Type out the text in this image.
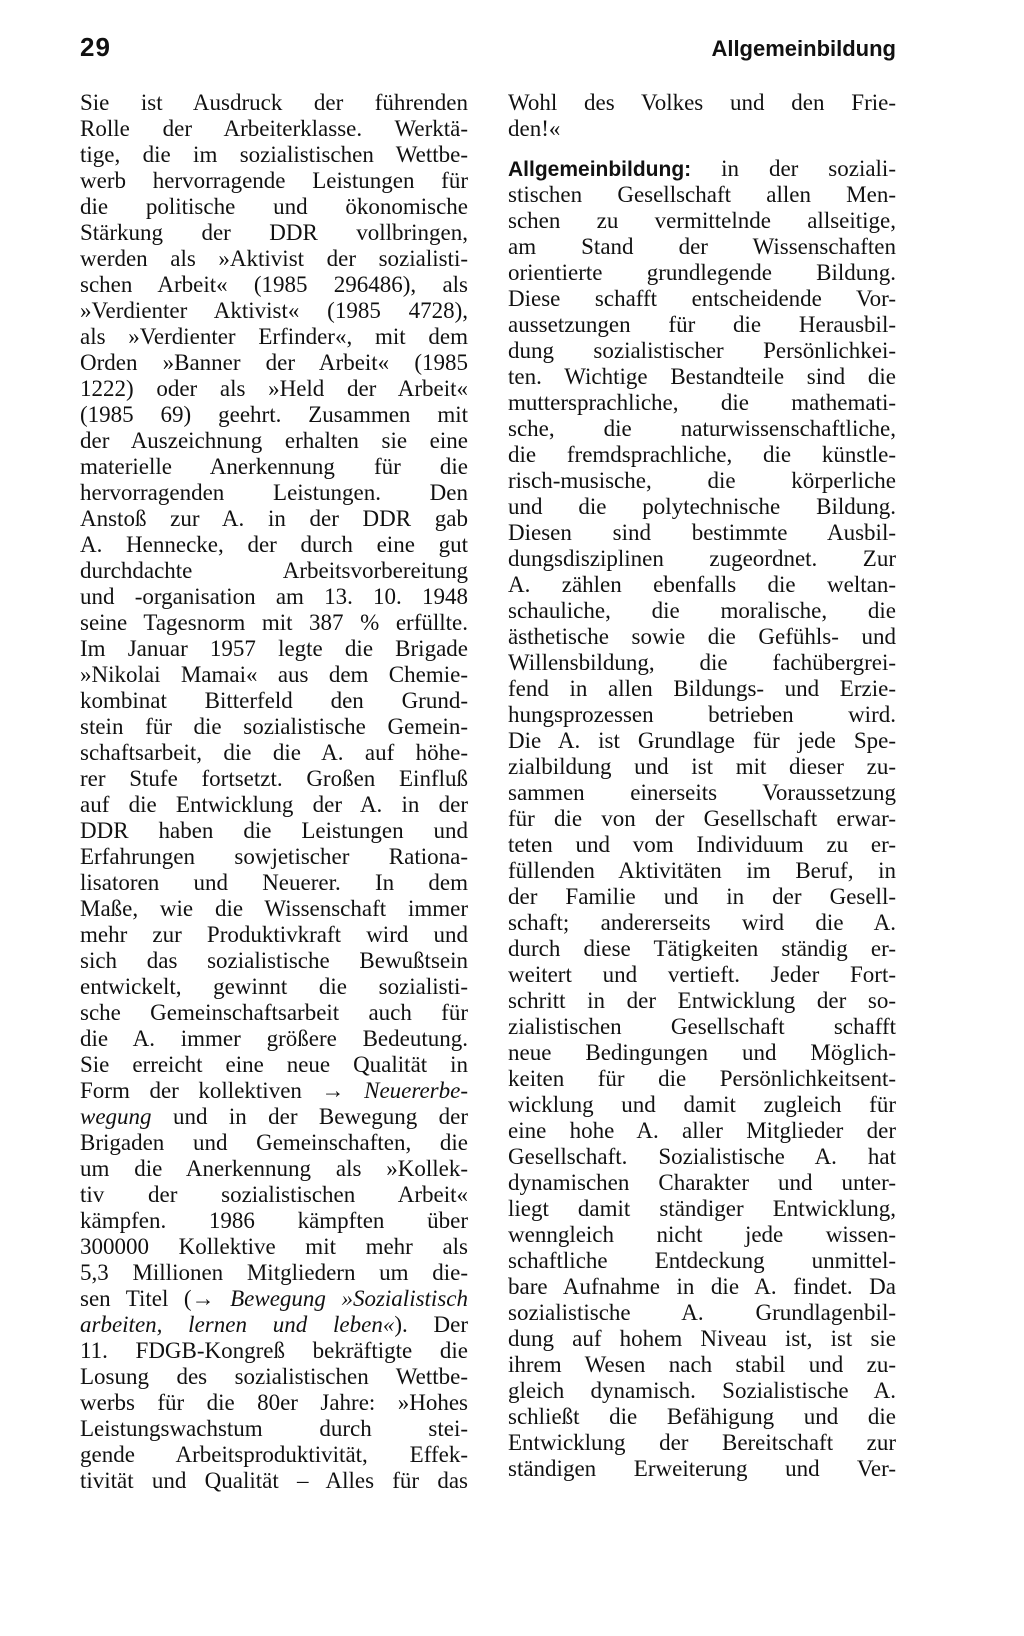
29	Allgemeinbildung
Sie ist Ausdruck der führenden
Rolle der Arbeiterklasse. Werktä-
tige, die im sozialistischen Wettbe-
werb hervorragende Leistungen für
die politische und ökonomische
Stärkung der DDR vollbringen,
werden als »Aktivist der sozialisti-
schen Arbeit« (1985 296486), als
»Verdienter Aktivist« (1985 4728),
als »Verdienter Erfinder«, mit dem
Orden »Banner der Arbeit« (1985
1222) oder als »Held der Arbeit«
(1985 69) geehrt. Zusammen mit
der Auszeichnung erhalten sie eine
materielle Anerkennung für die
hervorragenden Leistungen. Den
Anstoß zur A. in der DDR gab
A. Hennecke, der durch eine gut
durchdachte Arbeitsvorbereitung
und -organisation am 13. 10. 1948
seine Tagesnorm mit 387 % erfüllte.
Im Januar 1957 legte die Brigade
»Nikolai Mamai« aus dem Chemie-
kombinat Bitterfeld den Grund-
stein für die sozialistische Gemein-
schaftsarbeit, die die A. auf höhe-
rer Stufe fortsetzt. Großen Einfluß
auf die Entwicklung der A. in der
DDR haben die Leistungen und
Erfahrungen sowjetischer Rationa-
lisatoren und Neuerer. In dem
Maße, wie die Wissenschaft immer
mehr zur Produktivkraft wird und
sich das sozialistische Bewußtsein
entwickelt, gewinnt die sozialisti-
sche Gemeinschaftsarbeit auch für
die A. immer größere Bedeutung.
Sie erreicht eine neue Qualität in
Form der kollektiven → Neuererbe-
wegung und in der Bewegung der
Brigaden und Gemeinschaften, die
um die Anerkennung als »Kollek-
tiv der sozialistischen Arbeit«
kämpfen. 1986 kämpften über
300000 Kollektive mit mehr als
5,3 Millionen Mitgliedern um die-
sen Titel (→ Bewegung »Sozialistisch
arbeiten, lernen und leben«). Der
11. FDGB-Kongreß bekräftigte die
Losung des sozialistischen Wettbe-
werbs für die 80er Jahre: »Hohes
Leistungswachstum durch stei-
gende Arbeitsproduktivität, Effek-
tivität und Qualität – Alles für das
Wohl des Volkes und den Frie-
den!«
Allgemeinbildung: in der soziali-
stischen Gesellschaft allen Men-
schen zu vermittelnde allseitige,
am Stand der Wissenschaften
orientierte grundlegende Bildung.
Diese schafft entscheidende Vor-
aussetzungen für die Herausbil-
dung sozialistischer Persönlichkei-
ten. Wichtige Bestandteile sind die
muttersprachliche, die mathemati-
sche, die naturwissenschaftliche,
die fremdsprachliche, die künstle-
risch-musische, die körperliche
und die polytechnische Bildung.
Diesen sind bestimmte Ausbil-
dungsdisziplinen zugeordnet. Zur
A. zählen ebenfalls die weltan-
schauliche, die moralische, die
ästhetische sowie die Gefühls- und
Willensbildung, die fachübergrei-
fend in allen Bildungs- und Erzie-
hungsprozessen betrieben wird.
Die A. ist Grundlage für jede Spe-
zialbildung und ist mit dieser zu-
sammen einerseits Voraussetzung
für die von der Gesellschaft erwar-
teten und vom Individuum zu er-
füllenden Aktivitäten im Beruf, in
der Familie und in der Gesell-
schaft; andererseits wird die A.
durch diese Tätigkeiten ständig er-
weitert und vertieft. Jeder Fort-
schritt in der Entwicklung der so-
zialistischen Gesellschaft schafft
neue Bedingungen und Möglich-
keiten für die Persönlichkeitsent-
wicklung und damit zugleich für
eine hohe A. aller Mitglieder der
Gesellschaft. Sozialistische A. hat
dynamischen Charakter und unter-
liegt damit ständiger Entwicklung,
wenngleich nicht jede wissen-
schaftliche Entdeckung unmittel-
bare Aufnahme in die A. findet. Da
sozialistische A. Grundlagenbil-
dung auf hohem Niveau ist, ist sie
ihrem Wesen nach stabil und zu-
gleich dynamisch. Sozialistische A.
schließt die Befähigung und die
Entwicklung der Bereitschaft zur
ständigen Erweiterung und Ver-
